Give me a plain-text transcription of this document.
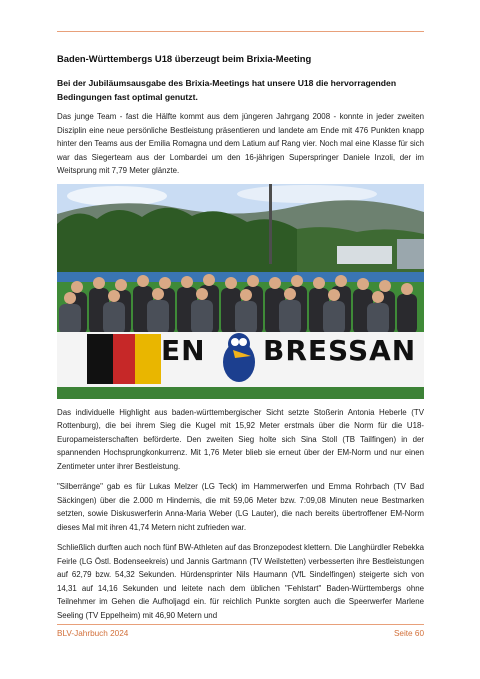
Baden-Württembergs U18 überzeugt beim Brixia-Meeting
Bei der Jubiläumsausgabe des Brixia-Meetings hat unsere U18 die hervorragenden Bedingungen fast optimal genutzt.

Das junge Team - fast die Hälfte kommt aus dem jüngeren Jahrgang 2008 - konnte in jeder zweiten Disziplin eine neue persönliche Bestleistung präsentieren und landete am Ende mit 476 Punkten knapp hinter den Teams aus der Emilia Romagna und dem Latium auf Rang vier. Noch mal eine Klasse für sich war das Siegerteam aus der Lombardei um den 16-jährigen Superspringer Daniele Inzoli, der im Weitsprung mit 7,79 Meter glänzte.

EN BRESSAN

Das individuelle Highlight aus baden-württembergischer Sicht setzte Stoßerin Antonia Heberle (TV Rottenburg), die bei ihrem Sieg die Kugel mit 15,92 Meter erstmals über die Norm für die U18-Europameisterschaften beförderte. Den zweiten Sieg holte sich Sina Stoll (TB Tailfingen) in der spannenden Hochsprungkonkurrenz. Mit 1,76 Meter blieb sie erneut über der EM-Norm und nur einen Zentimeter unter ihrer Bestleistung.

"Silberränge" gab es für Lukas Melzer (LG Teck) im Hammerwerfen und Emma Rohrbach (TV Bad Säckingen) über die 2.000 m Hindernis, die mit 59,06 Meter bzw. 7:09,08 Minuten neue Bestmarken setzten, sowie Diskuswerferin Anna-Maria Weber (LG Lauter), die nach bereits übertroffener EM-Norm dieses Mal mit ihren 41,74 Metern nicht zufrieden war.

Schließlich durften auch noch fünf BW-Athleten auf das Bronzepodest klettern. Die Langhürdler Rebekka Feirle (LG Östl. Bodenseekreis) und Jannis Gartmann (TV Weilstetten) verbesserten ihre Bestleistungen auf 62,79 bzw. 54,32 Sekunden. Hürdensprinter Nils Haumann (VfL Sindelfingen) steigerte sich von 14,31 auf 14,16 Sekunden und leitete nach dem üblichen "Fehlstart" Baden-Württembergs ohne Teilnehmer im Gehen die Aufholjagd ein. für reichlich Punkte sorgten auch die Speerwerfer Marlene Seeling (TV Eppelheim) mit 46,90 Metern und

BLV-Jahrbuch 2024	Seite 60
